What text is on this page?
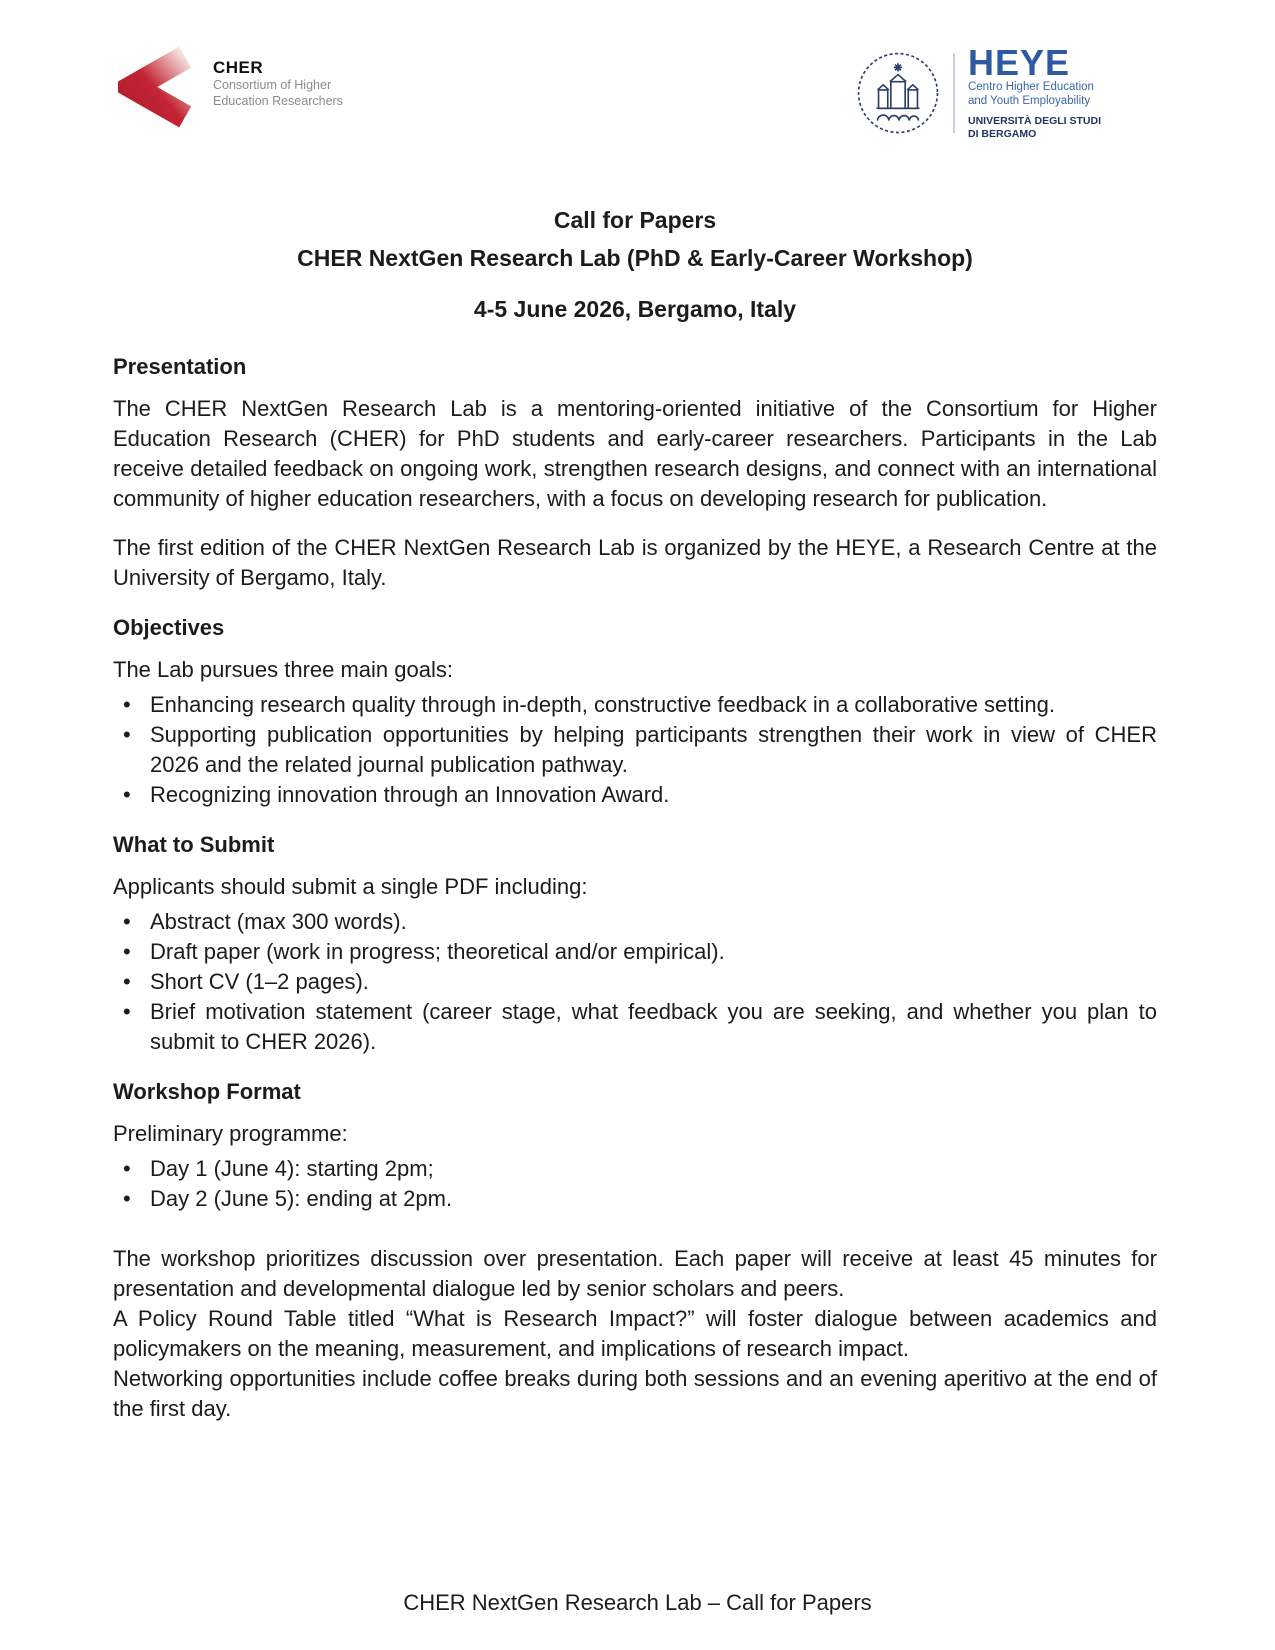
CHER
Consortium of Higher
Education Researchers
HEYE
Centro Higher Education
and Youth Employability
UNIVERSITÀ DEGLI STUDI
DI BERGAMO
Call for Papers
CHER NextGen Research Lab (PhD & Early-Career Workshop)
4-5 June 2026, Bergamo, Italy
Presentation

The CHER NextGen Research Lab is a mentoring-oriented initiative of the Consortium for Higher Education Research (CHER) for PhD students and early-career researchers. Participants in the Lab receive detailed feedback on ongoing work, strengthen research designs, and connect with an international community of higher education researchers, with a focus on developing research for publication.

The first edition of the CHER NextGen Research Lab is organized by the HEYE, a Research Centre at the University of Bergamo, Italy.

Objectives

The Lab pursues three main goals:

• Enhancing research quality through in-depth, constructive feedback in a collaborative setting.
• Supporting publication opportunities by helping participants strengthen their work in view of CHER 2026 and the related journal publication pathway.
• Recognizing innovation through an Innovation Award.
What to Submit

Applicants should submit a single PDF including:

• Abstract (max 300 words).
• Draft paper (work in progress; theoretical and/or empirical).
• Short CV (1–2 pages).
• Brief motivation statement (career stage, what feedback you are seeking, and whether you plan to submit to CHER 2026).
Workshop Format

Preliminary programme:

• Day 1 (June 4): starting 2pm;
• Day 2 (June 5): ending at 2pm.

The workshop prioritizes discussion over presentation. Each paper will receive at least 45 minutes for presentation and developmental dialogue led by senior scholars and peers.

A Policy Round Table titled “What is Research Impact?” will foster dialogue between academics and policymakers on the meaning, measurement, and implications of research impact.

Networking opportunities include coffee breaks during both sessions and an evening aperitivo at the end of the first day.

CHER NextGen Research Lab – Call for Papers
